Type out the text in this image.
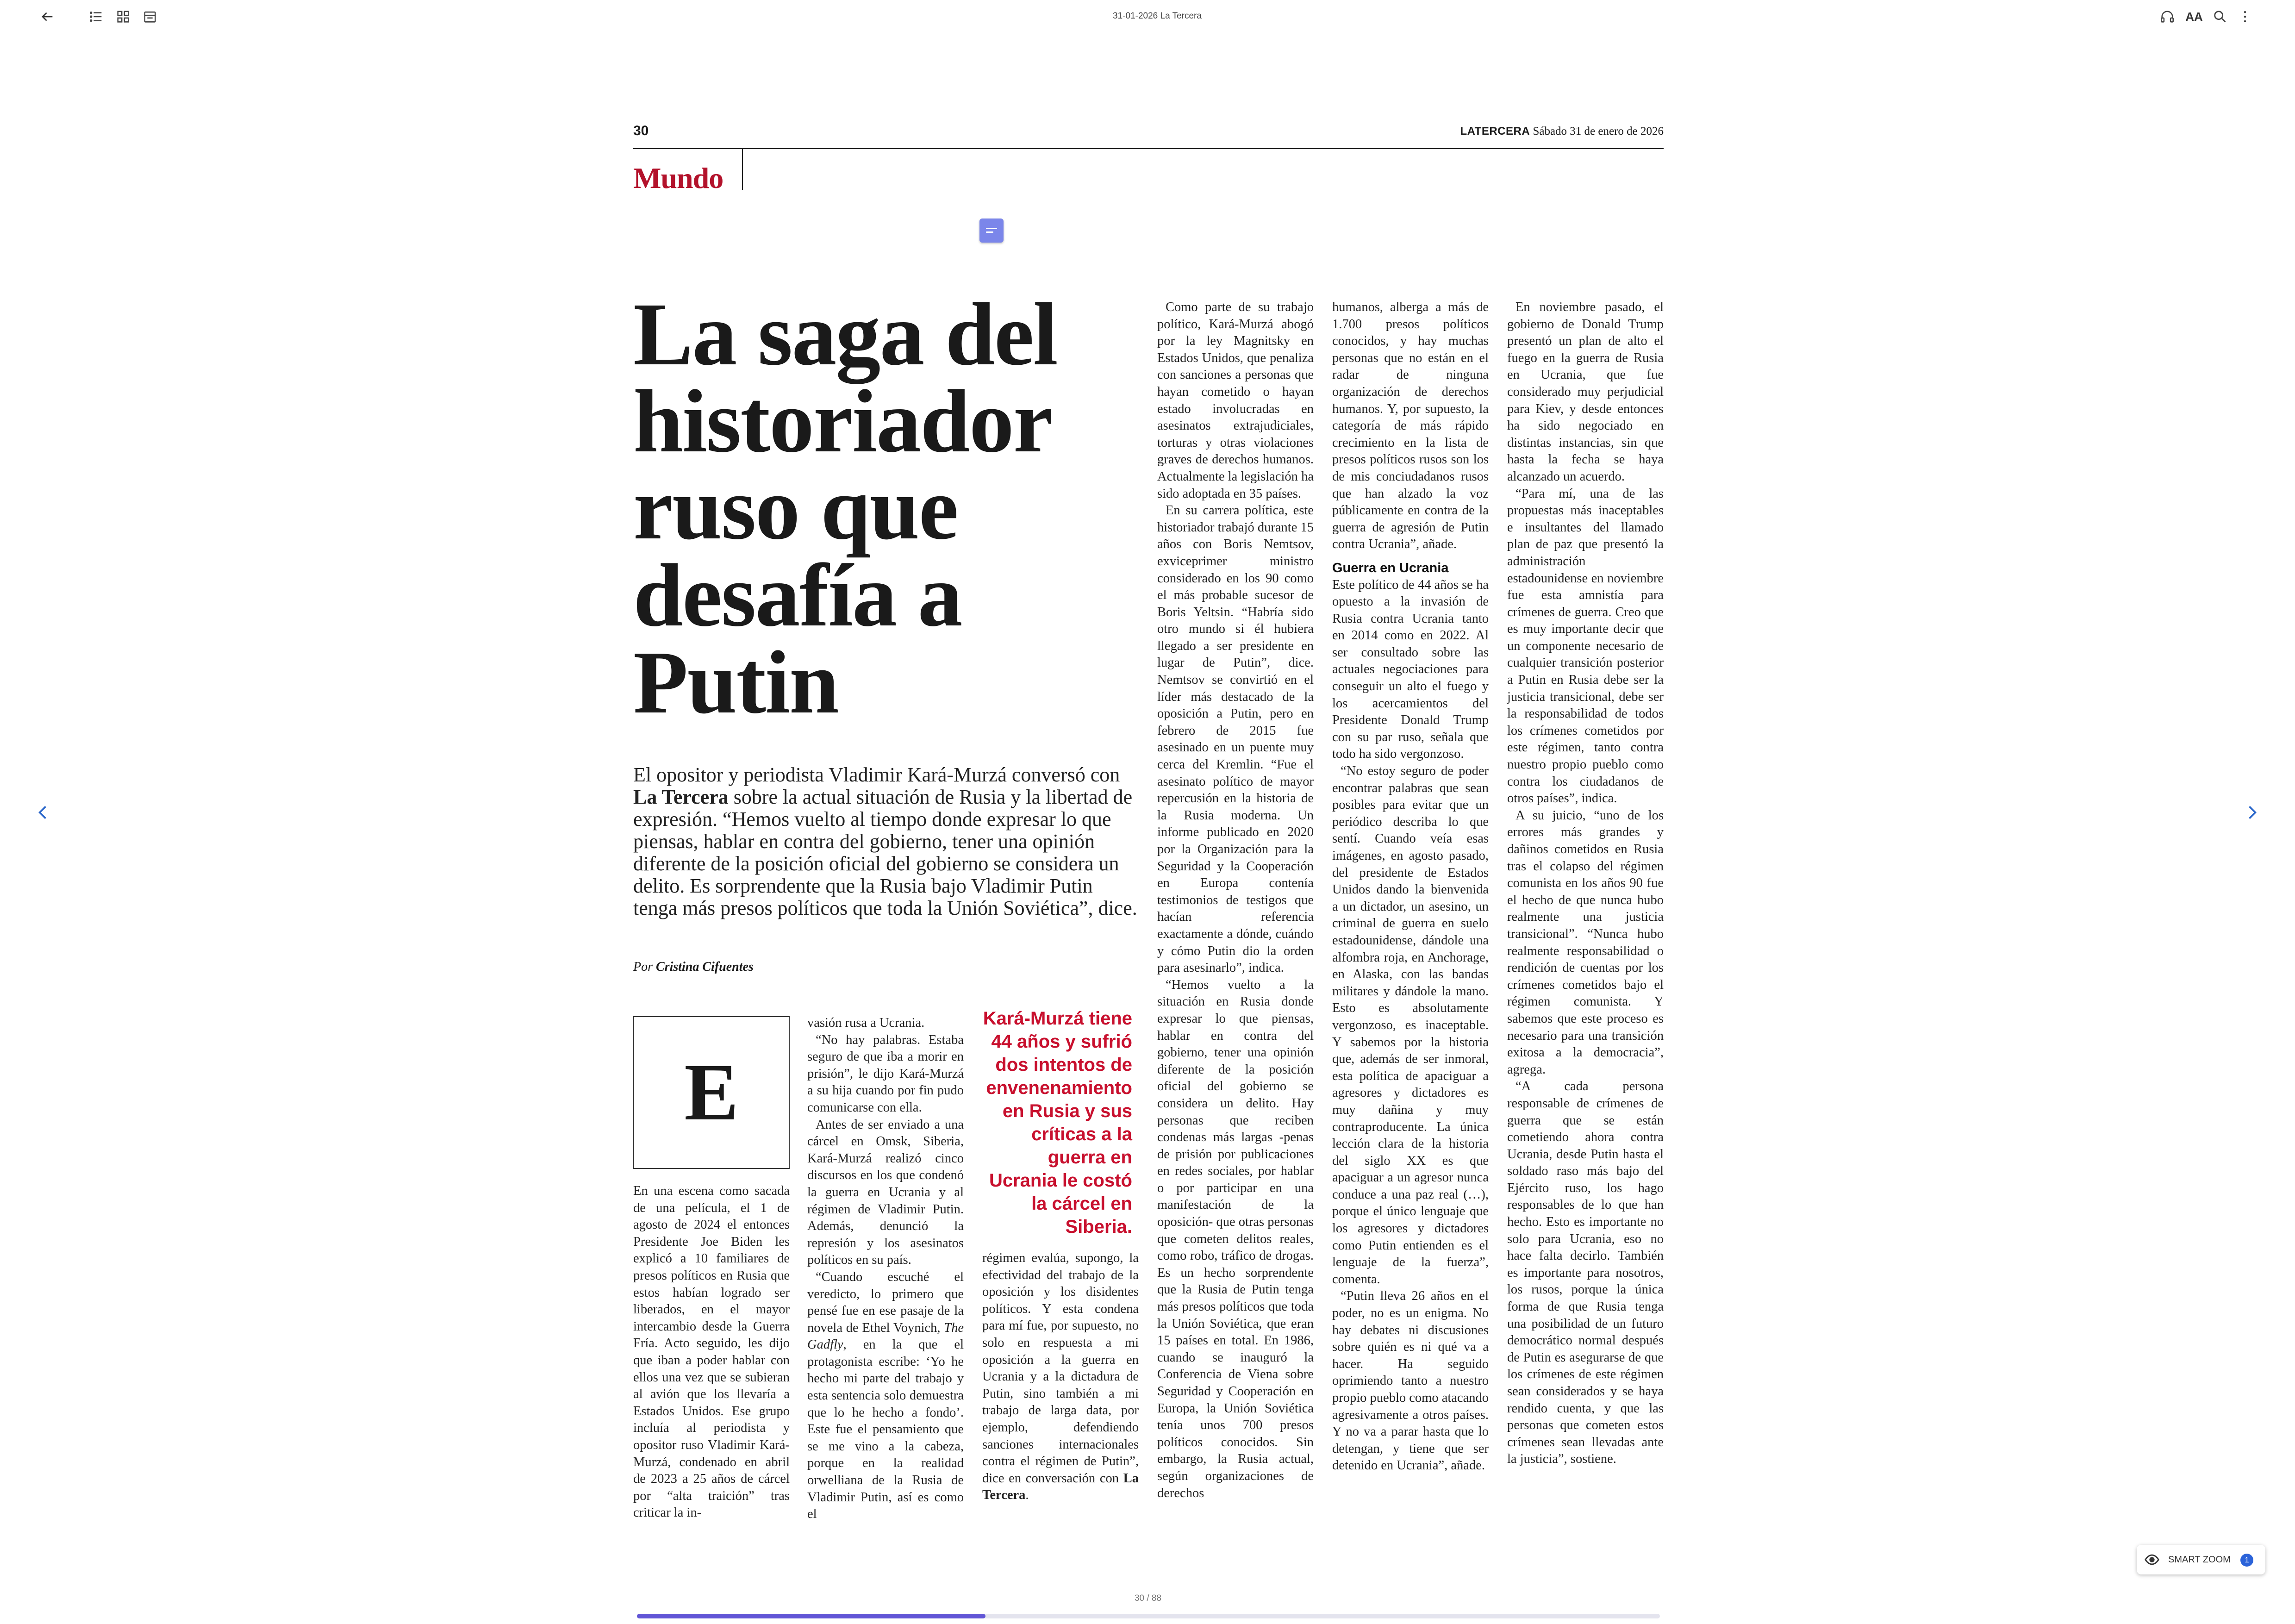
31-01-2026 La Tercera	AA
30	LATERCERA Sábado 31 de enero de 2026
Mundo
La saga del historiador ruso que desafía a Putin
El opositor y periodista Vladimir Kará-Murzá conversó con La Tercera sobre la actual situación de Rusia y la libertad de expresión. “Hemos vuelto al tiempo donde expresar lo que piensas, hablar en contra del gobierno, tener una opinión diferente de la posición oficial del gobierno se considera un delito. Es sorprendente que la Rusia bajo Vladimir Putin tenga más presos políticos que toda la Unión Soviética”, dice.
Por Cristina Cifuentes
E

En una escena como sacada de una película, el 1 de agosto de 2024 el entonces Presidente Joe Biden les explicó a 10 familiares de presos políticos en Rusia que estos habían logrado ser liberados, en el mayor intercambio desde la Guerra Fría. Acto seguido, les dijo que iban a poder hablar con ellos una vez que se subieran al avión que los llevaría a Estados Unidos. Ese grupo incluía al periodista y opositor ruso Vladimir Kará-Murzá, condenado en abril de 2023 a 25 años de cárcel por “alta traición” tras criticar la in-

vasión rusa a Ucrania.

“No hay palabras. Estaba seguro de que iba a morir en prisión”, le dijo Kará-Murzá a su hija cuando por fin pudo comunicarse con ella.

Antes de ser enviado a una cárcel en Omsk, Siberia, Kará-Murzá realizó cinco discursos en los que condenó la guerra en Ucrania y al régimen de Vladimir Putin. Además, denunció la represión y los asesinatos políticos en su país.

“Cuando escuché el veredicto, lo primero que pensé fue en ese pasaje de la novela de Ethel Voynich, The Gadfly, en la que el protagonista escribe: ‘Yo he hecho mi parte del trabajo y esta sentencia solo demuestra que lo he hecho a fondo’. Este fue el pensamiento que se me vino a la cabeza, porque en la realidad orwelliana de la Rusia de Vladimir Putin, así es como el

Kará-Murzá tiene 44 años y sufrió dos intentos de envenenamiento en Rusia y sus críticas a la guerra en Ucrania le costó la cárcel en Siberia.

régimen evalúa, supongo, la efectividad del trabajo de la oposición y los disidentes políticos. Y esta condena para mí fue, por supuesto, no solo en respuesta a mi oposición a la guerra en Ucrania y a la dictadura de Putin, sino también a mi trabajo de larga data, por ejemplo, defendiendo sanciones internacionales contra el régimen de Putin”, dice en conversación con La Tercera.

Como parte de su trabajo político, Kará-Murzá abogó por la ley Magnitsky en Estados Unidos, que penaliza con sanciones a personas que hayan cometido o hayan estado involucradas en asesinatos extrajudiciales, torturas y otras violaciones graves de derechos humanos. Actualmente la legislación ha sido adoptada en 35 países.

En su carrera política, este historiador trabajó durante 15 años con Boris Nemtsov, exviceprimer ministro considerado en los 90 como el más probable sucesor de Boris Yeltsin. “Habría sido otro mundo si él hubiera llegado a ser presidente en lugar de Putin”, dice. Nemtsov se convirtió en el líder más destacado de la oposición a Putin, pero en febrero de 2015 fue asesinado en un puente muy cerca del Kremlin. “Fue el asesinato político de mayor repercusión en la historia de la Rusia moderna. Un informe publicado en 2020 por la Organización para la Seguridad y la Cooperación en Europa contenía testimonios de testigos que hacían referencia exactamente a dónde, cuándo y cómo Putin dio la orden para asesinarlo”, indica.

“Hemos vuelto a la situación en Rusia donde expresar lo que piensas, hablar en contra del gobierno, tener una opinión diferente de la posición oficial del gobierno se considera un delito. Hay personas que reciben condenas más largas -penas de prisión por publicaciones en redes sociales, por hablar o por participar en una manifestación de la oposición- que otras personas que cometen delitos reales, como robo, tráfico de drogas. Es un hecho sorprendente que la Rusia de Putin tenga más presos políticos que toda la Unión Soviética, que eran 15 países en total. En 1986, cuando se inauguró la Conferencia de Viena sobre Seguridad y Cooperación en Europa, la Unión Soviética tenía unos 700 presos políticos conocidos. Sin embargo, la Rusia actual, según organizaciones de derechos

humanos, alberga a más de 1.700 presos políticos conocidos, y hay muchas personas que no están en el radar de ninguna organización de derechos humanos. Y, por supuesto, la categoría de más rápido crecimiento en la lista de presos políticos rusos son los de mis conciudadanos rusos que han alzado la voz públicamente en contra de la guerra de agresión de Putin contra Ucrania”, añade.

Guerra en Ucrania

Este político de 44 años se ha opuesto a la invasión de Rusia contra Ucrania tanto en 2014 como en 2022. Al ser consultado sobre las actuales negociaciones para conseguir un alto el fuego y los acercamientos del Presidente Donald Trump con su par ruso, señala que todo ha sido vergonzoso.

“No estoy seguro de poder encontrar palabras que sean posibles para evitar que un periódico describa lo que sentí. Cuando veía esas imágenes, en agosto pasado, del presidente de Estados Unidos dando la bienvenida a un dictador, un asesino, un criminal de guerra en suelo estadounidense, dándole una alfombra roja, en Anchorage, en Alaska, con las bandas militares y dándole la mano. Esto es absolutamente vergonzoso, es inaceptable. Y sabemos por la historia que, además de ser inmoral, esta política de apaciguar a agresores y dictadores es muy dañina y muy contraproducente. La única lección clara de la historia del siglo XX es que apaciguar a un agresor nunca conduce a una paz real (…), porque el único lenguaje que los agresores y dictadores como Putin entienden es el lenguaje de la fuerza”, comenta.

“Putin lleva 26 años en el poder, no es un enigma. No hay debates ni discusiones sobre quién es ni qué va a hacer. Ha seguido oprimiendo tanto a nuestro propio pueblo como atacando agresivamente a otros países. Y no va a parar hasta que lo detengan, y tiene que ser detenido en Ucrania”, añade.

En noviembre pasado, el gobierno de Donald Trump presentó un plan de alto el fuego en la guerra de Rusia en Ucrania, que fue considerado muy perjudicial para Kiev, y desde entonces ha sido negociado en distintas instancias, sin que hasta la fecha se haya alcanzado un acuerdo.

“Para mí, una de las propuestas más inaceptables e insultantes del llamado plan de paz que presentó la administración estadounidense en noviembre fue esta amnistía para crímenes de guerra. Creo que es muy importante decir que un componente necesario de cualquier transición posterior a Putin en Rusia debe ser la justicia transicional, debe ser la responsabilidad de todos los crímenes cometidos por este régimen, tanto contra nuestro propio pueblo como contra los ciudadanos de otros países”, indica.

A su juicio, “uno de los errores más grandes y dañinos cometidos en Rusia tras el colapso del régimen comunista en los años 90 fue el hecho de que nunca hubo realmente una justicia transicional”. “Nunca hubo realmente responsabilidad o rendición de cuentas por los crímenes cometidos bajo el régimen comunista. Y sabemos que este proceso es necesario para una transición exitosa a la democracia”, agrega.

“A cada persona responsable de crímenes de guerra que se están cometiendo ahora contra Ucrania, desde Putin hasta el soldado raso más bajo del Ejército ruso, los hago responsables de lo que han hecho. Esto es importante no solo para Ucrania, eso no hace falta decirlo. También es importante para nosotros, los rusos, porque la única forma de que Rusia tenga una posibilidad de un futuro democrático normal después de Putin es asegurarse de que los crímenes de este régimen sean considerados y se haya rendido cuenta, y que las personas que cometen estos crímenes sean llevadas ante la justicia”, sostiene.

SMART ZOOM	1
30 / 88
